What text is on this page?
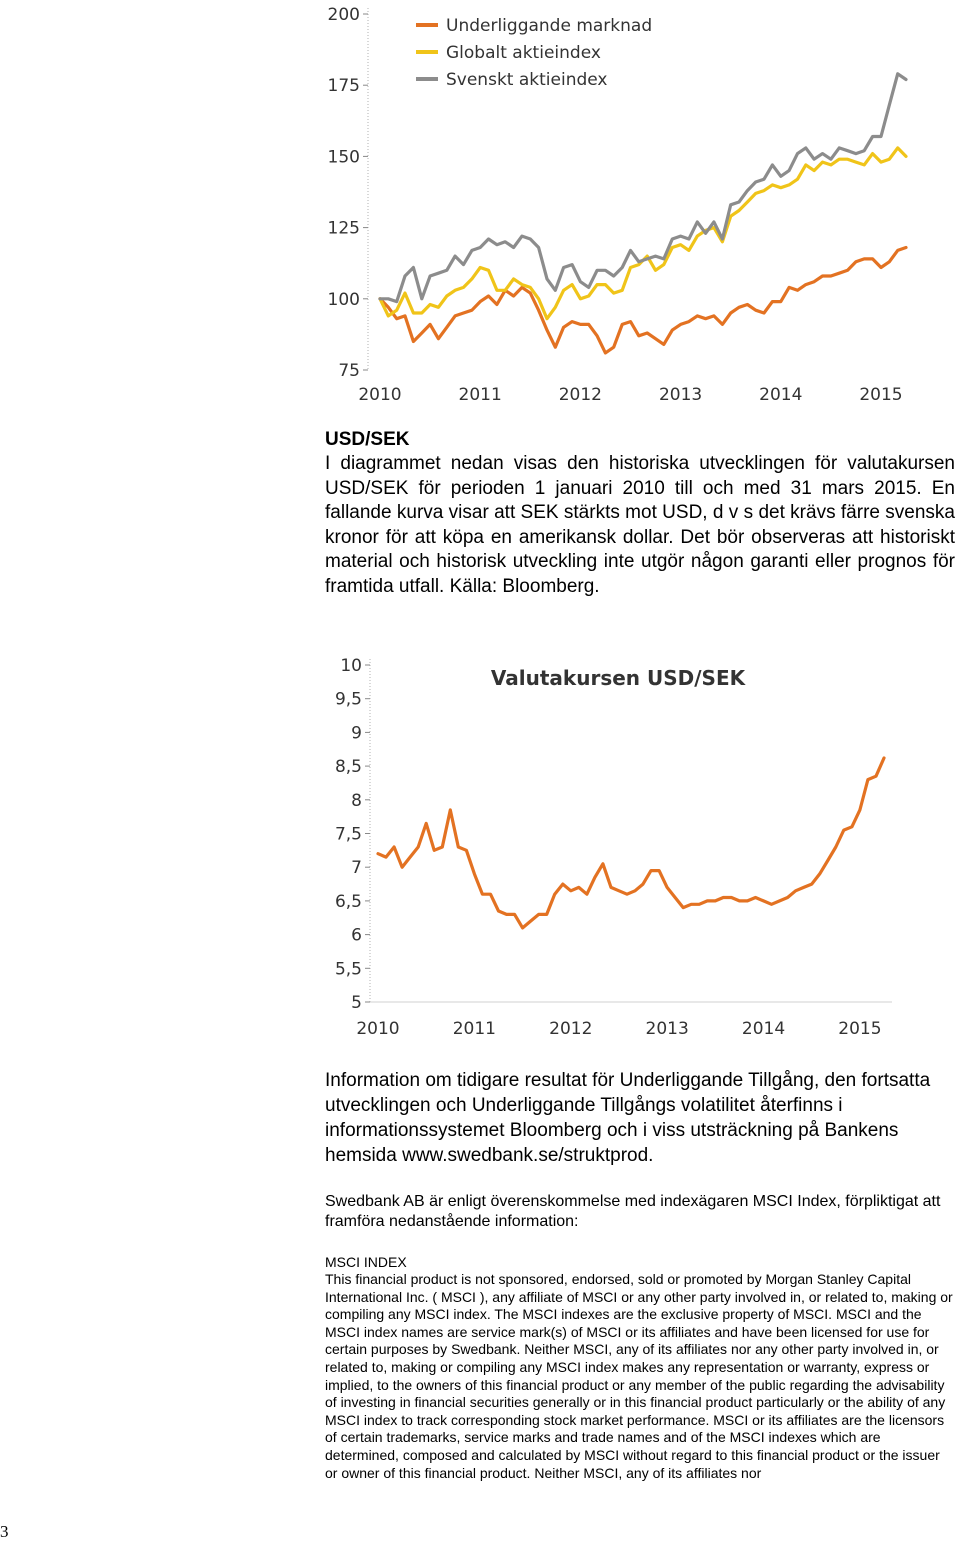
200
175
150
125
100
75
2010	2011	2012	2013	2014	2015
Underliggande marknad
Globalt aktieindex
Svenskt aktieindex
USD/SEK

I diagrammet nedan visas den historiska utvecklingen för valutakursen USD/SEK för perioden 1 januari 2010 till och med 31 mars 2015. En fallande kurva visar att SEK stärkts mot USD, d v s det krävs färre svenska kronor för att köpa en amerikansk dollar. Det bör observeras att historiskt material och historisk utveckling inte utgör någon garanti eller prognos för framtida utfall. Källa: Bloomberg.

10
9,5
9
8,5
8
7,5
7
6,5
6
5,5
5
2010	2011	2012	2013	2014	2015
Valutakursen USD/SEK

Information om tidigare resultat för Underliggande Tillgång, den fortsatta utvecklingen och Underliggande Tillgångs volatilitet återfinns i informationssystemet Bloomberg och i viss utsträckning på Bankens hemsida www.swedbank.se/struktprod.

Swedbank AB är enligt överenskommelse med indexägaren MSCI Index, förpliktigat att framföra nedanstående information:

MSCI INDEX

This financial product is not sponsored, endorsed, sold or promoted by Morgan Stanley Capital International Inc. ( MSCI ), any affiliate of MSCI or any other party involved in, or related to, making or compiling any MSCI index. The MSCI indexes are the exclusive property of MSCI. MSCI and the MSCI index names are service mark(s) of MSCI or its affiliates and have been licensed for use for certain purposes by Swedbank. Neither MSCI, any of its affiliates nor any other party involved in, or related to, making or compiling any MSCI index makes any representation or warranty, express or implied, to the owners of this financial product or any member of the public regarding the advisability of investing in financial securities generally or in this financial product particularly or the ability of any MSCI index to track corresponding stock market performance. MSCI or its affiliates are the licensors of certain trademarks, service marks and trade names and of the MSCI indexes which are determined, composed and calculated by MSCI without regard to this financial product or the issuer or owner of this financial product. Neither MSCI, any of its affiliates nor

3
